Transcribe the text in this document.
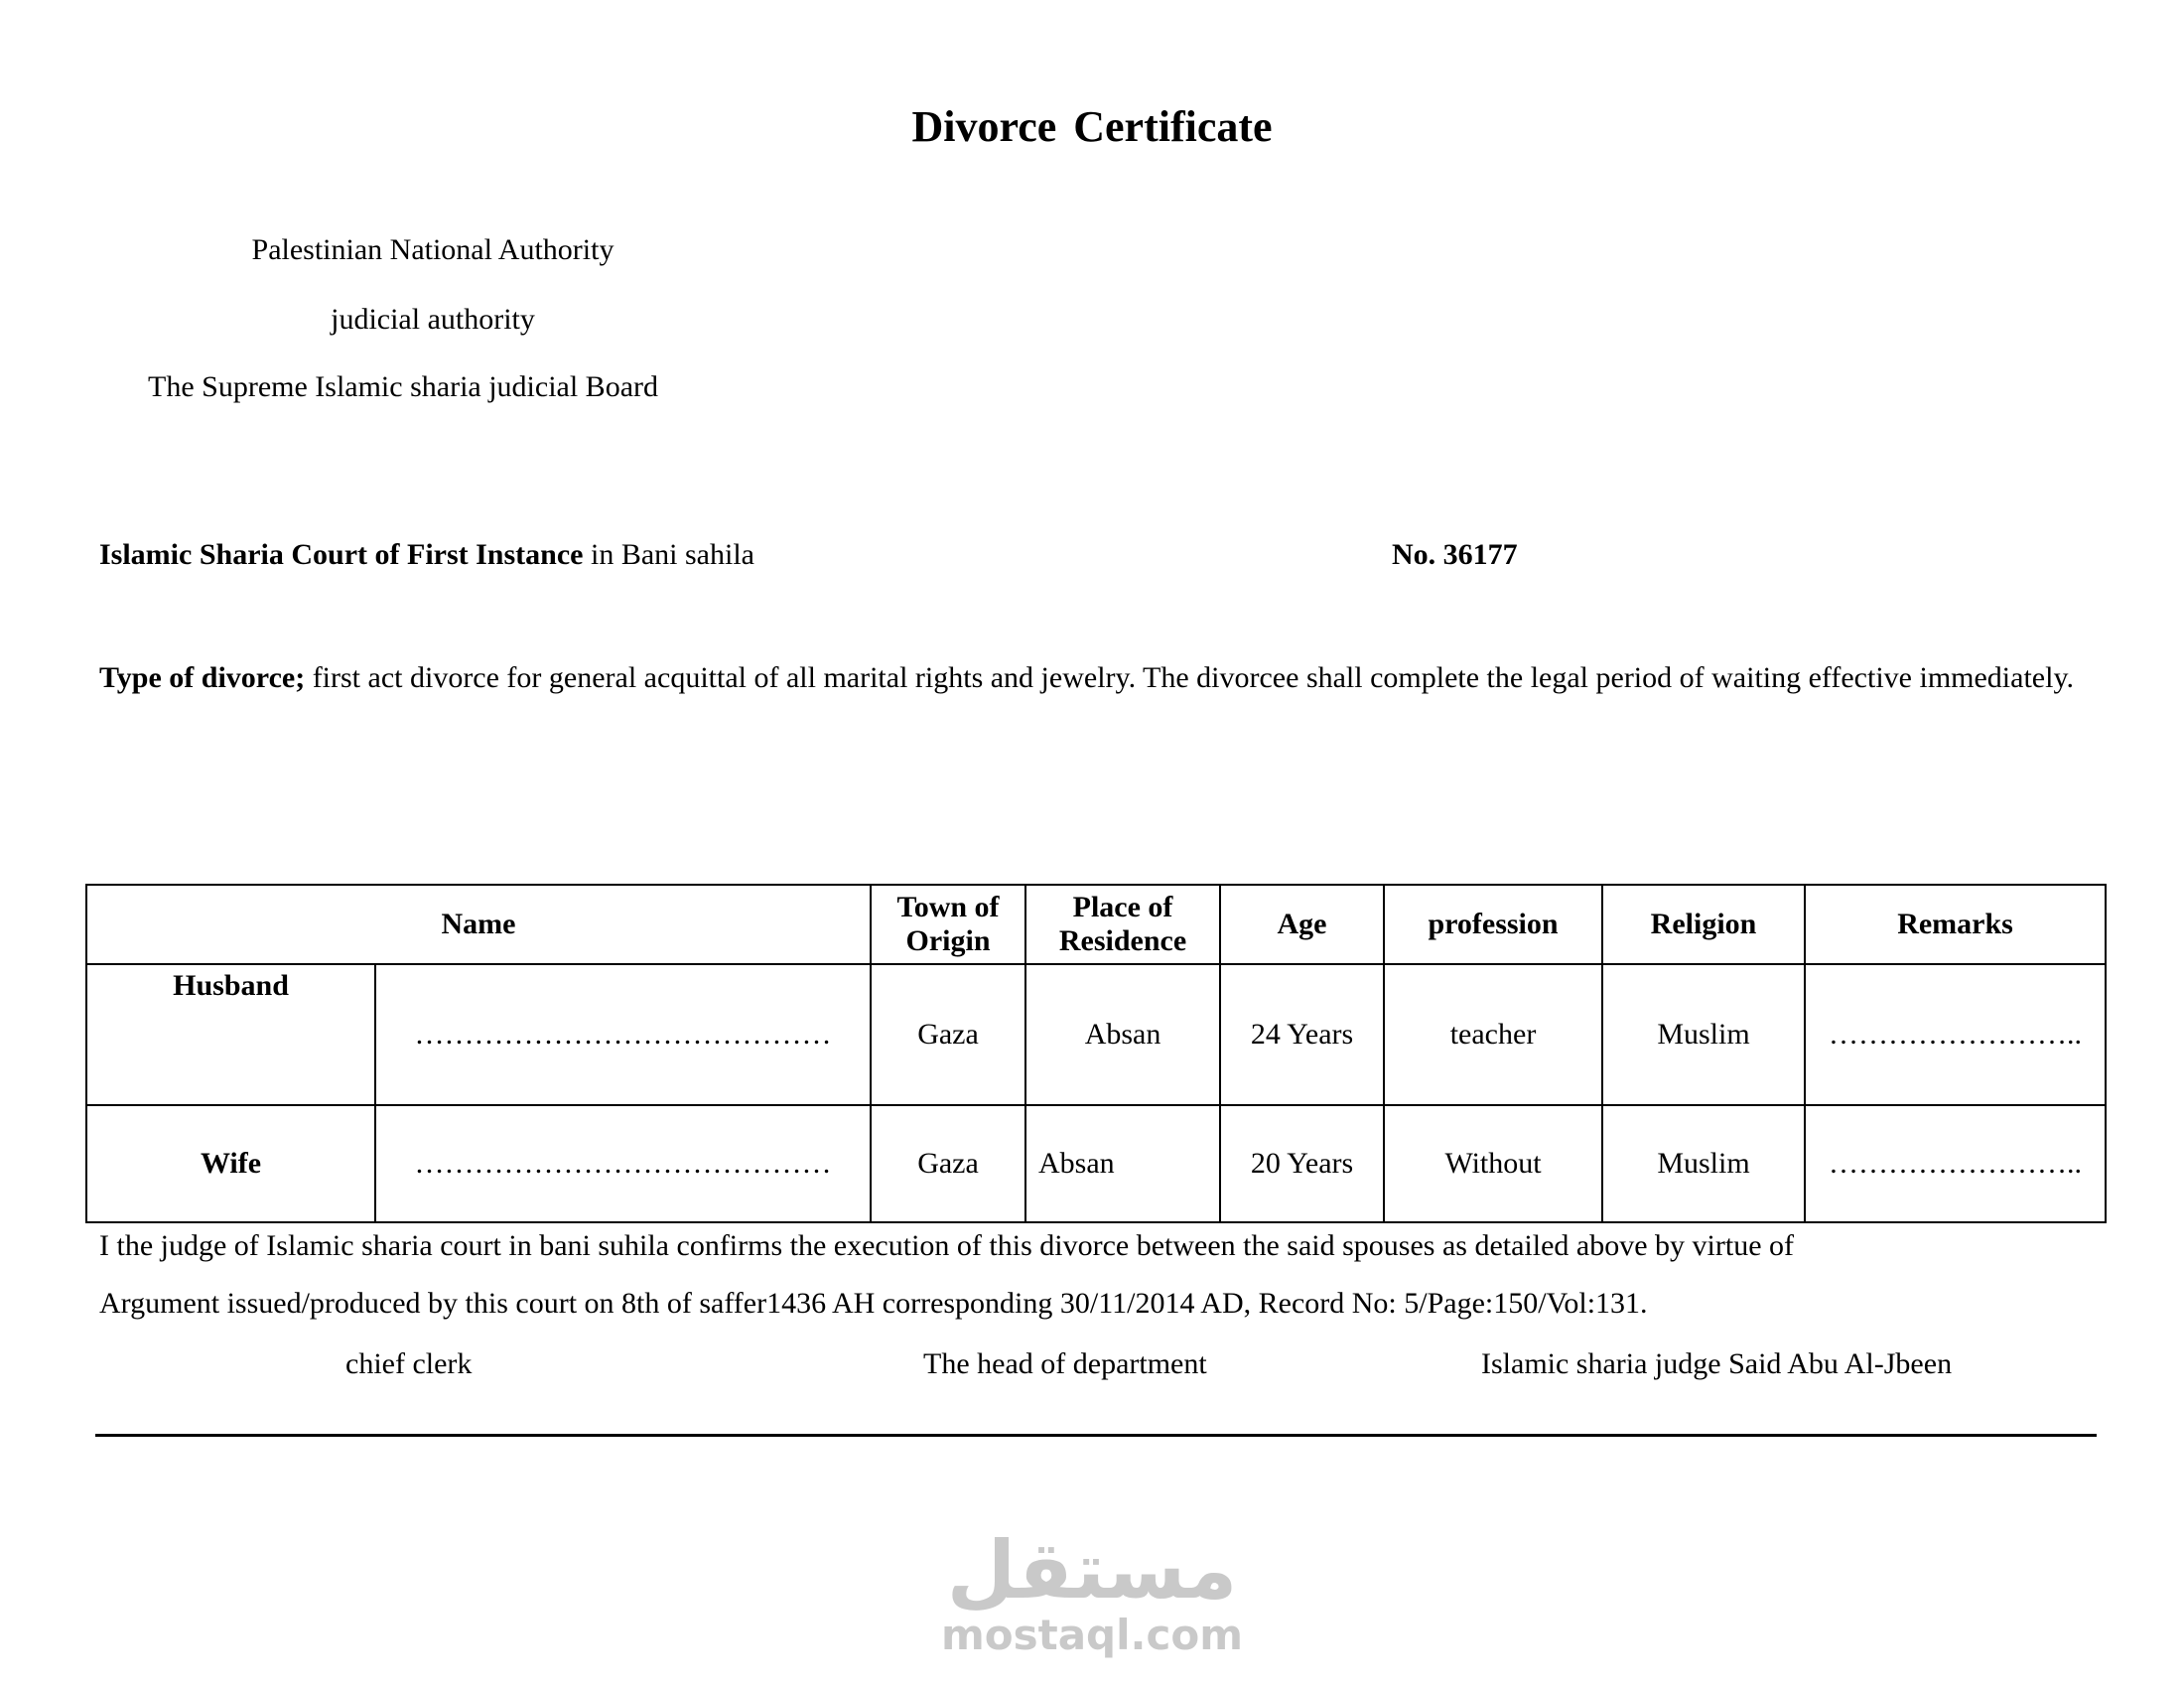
Divorce Certificate
Palestinian National Authority
judicial authority
The Supreme Islamic sharia judicial Board
Islamic Sharia Court of First Instance in Bani sahila	No. 36177
Type of divorce; first act divorce for general acquittal of all marital rights and jewelry. The divorcee shall complete the legal period of waiting effective immediately.
Name		Town of Origin	Place of Residence	Age	profession	Religion	Remarks
Husband	……………………………………	Gaza	Absan	24 Years	teacher	Muslim	……………………..
Wife	……………………………………	Gaza	Absan	20 Years	Without	Muslim	……………………..
I the judge of Islamic sharia court in bani suhila confirms the execution of this divorce between the said spouses as detailed above by virtue of
Argument issued/produced by this court on 8th of saffer1436 AH corresponding 30/11/2014 AD, Record No: 5/Page:150/Vol:131.
chief clerk	The head of department	Islamic sharia judge Said Abu Al-Jbeen
مستقل
mostaql.com
